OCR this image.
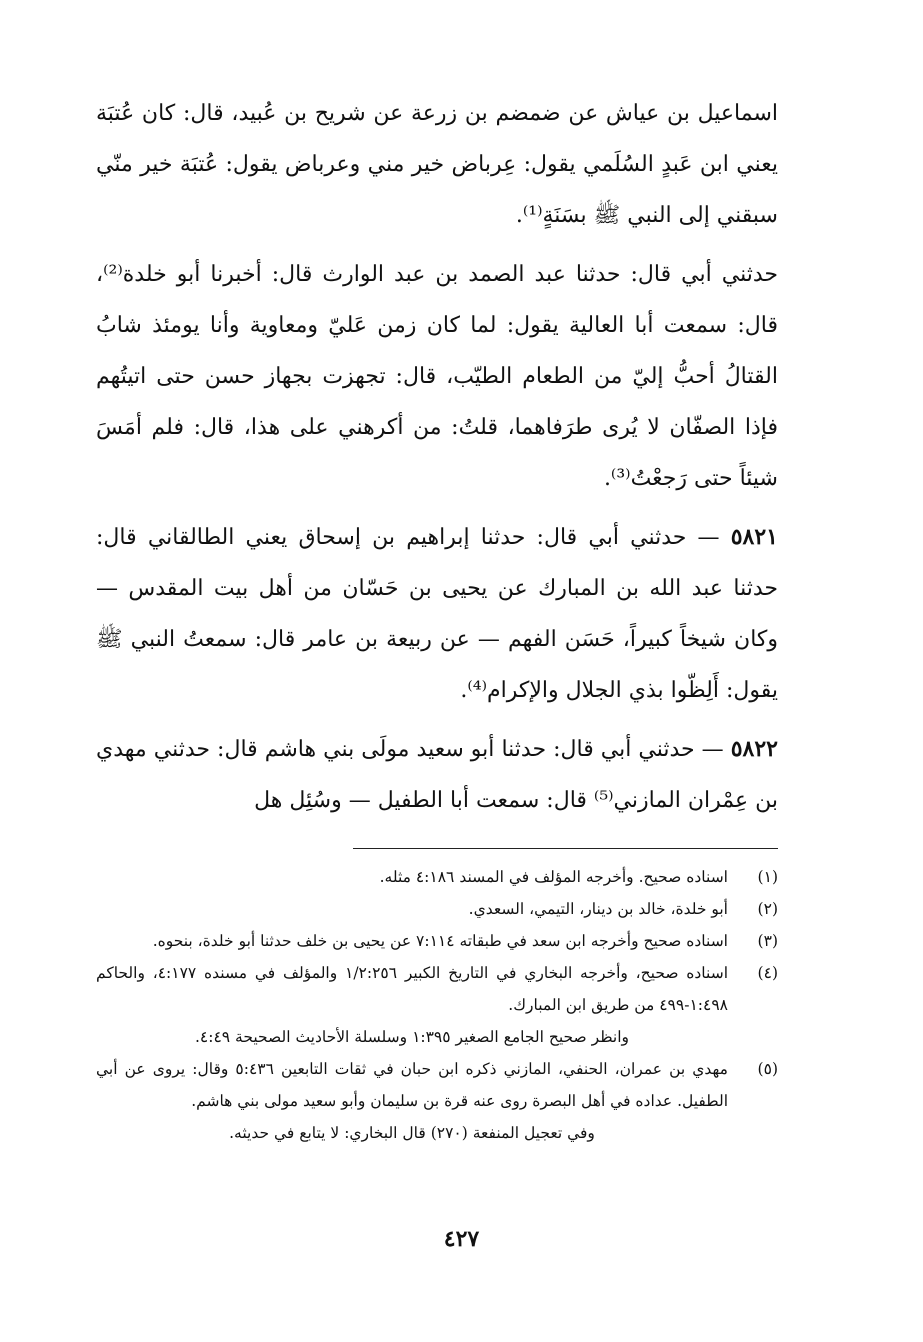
اسماعيل بن عياش عن ضمضم بن زرعة عن شريح بن عُبيد، قال: كان عُتبَة يعني ابن عَبدٍ السُلَمي يقول: عِرباض خير مني وعرباض يقول: عُتبَة خير منّي سبقني إلى النبي ﷺ بسَنَةٍ⁽¹⁾.

حدثني أبي قال: حدثنا عبد الصمد بن عبد الوارث قال: أخبرنا أبو خلدة⁽²⁾، قال: سمعت أبا العالية يقول: لما كان زمن عَليّ ومعاوية وأنا يومئذ شابُ القتالُ أحبُّ إليّ من الطعام الطيّب، قال: تجهزت بجهاز حسن حتى اتيتُهم فإذا الصفّان لا يُرى طرَفاهما، قلتُ: من أكرهني على هذا، قال: فلم أمَسَ شيئاً حتى رَجعْتُ⁽³⁾.

٥٨٢١ — حدثني أبي قال: حدثنا إبراهيم بن إسحاق يعني الطالقاني قال: حدثنا عبد الله بن المبارك عن يحيى بن حَسّان من أهل بيت المقدس — وكان شيخاً كبيراً، حَسَن الفهم — عن ربيعة بن عامر قال: سمعتُ النبي ﷺ يقول: أَلِظّوا بذي الجلال والإكرام⁽⁴⁾.

٥٨٢٢ — حدثني أبي قال: حدثنا أبو سعيد مولَى بني هاشم قال: حدثني مهدي بن عِمْران المازني⁽⁵⁾ قال: سمعت أبا الطفيل — وسُئِل هل

(١)

اسناده صحيح. وأخرجه المؤلف في المسند ٤:١٨٦ مثله.

(٢)

أبو خلدة، خالد بن دينار، التيمي، السعدي.

(٣)

اسناده صحيح وأخرجه ابن سعد في طبقاته ٧:١١٤ عن يحيى بن خلف حدثنا أبو خلدة، بنحوه.

(٤)

اسناده صحيح، وأخرجه البخاري في التاريخ الكبير ١/٢:٢٥٦ والمؤلف في مسنده ٤:١٧٧، والحاكم ١:٤٩٨-٤٩٩ من طريق ابن المبارك.

وانظر صحيح الجامع الصغير ١:٣٩٥ وسلسلة الأحاديث الصحيحة ٤:٤٩.

(٥)

مهدي بن عمران، الحنفي، المازني ذكره ابن حبان في ثقات التابعين ٥:٤٣٦ وقال: يروى عن أبي الطفيل. عداده في أهل البصرة روى عنه قرة بن سليمان وأبو سعيد مولى بني هاشم.

وفي تعجيل المنفعة (٢٧٠) قال البخاري: لا يتابع في حديثه.

٤٢٧
